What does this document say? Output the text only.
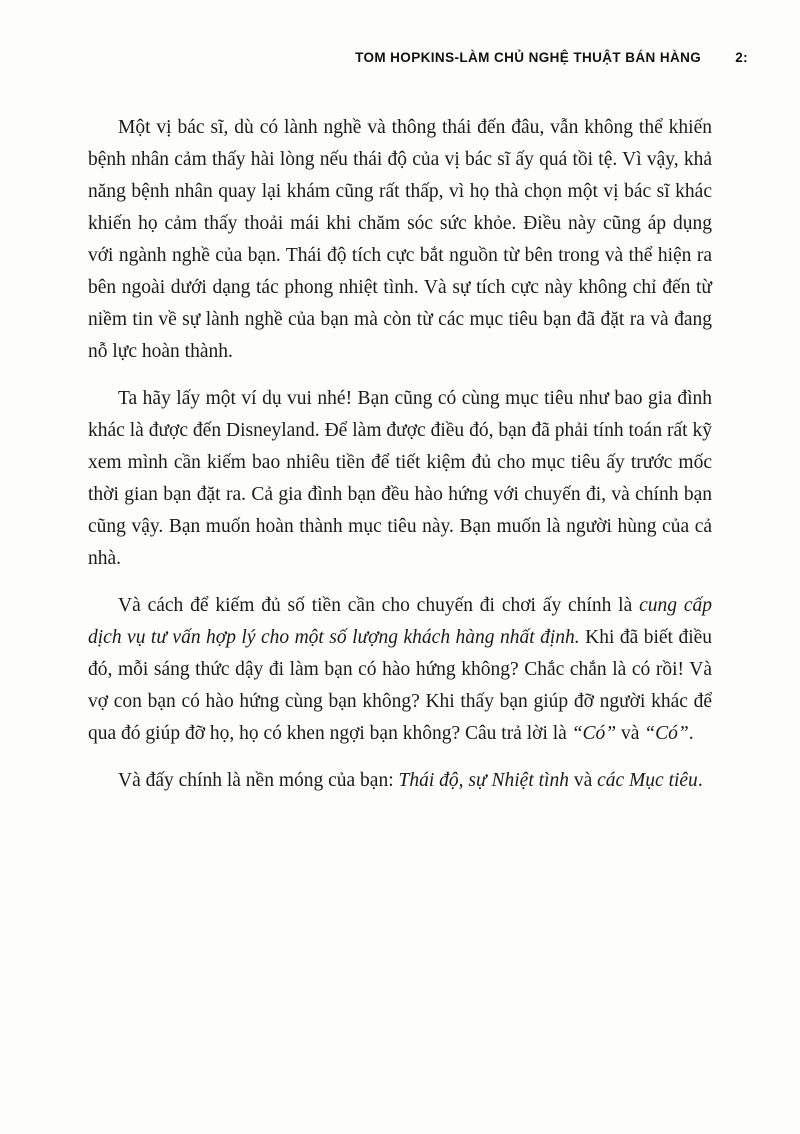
TOM HOPKINS - LÀM CHỦ NGHỆ THUẬT BÁN HÀNG	2:

Một vị bác sĩ, dù có lành nghề và thông thái đến đâu, vẫn không thể khiến bệnh nhân cảm thấy hài lòng nếu thái độ của vị bác sĩ ấy quá tồi tệ. Vì vậy, khả năng bệnh nhân quay lại khám cũng rất thấp, vì họ thà chọn một vị bác sĩ khác khiến họ cảm thấy thoải mái khi chăm sóc sức khỏe. Điều này cũng áp dụng với ngành nghề của bạn. Thái độ tích cực bắt nguồn từ bên trong và thể hiện ra bên ngoài dưới dạng tác phong nhiệt tình. Và sự tích cực này không chỉ đến từ niềm tin về sự lành nghề của bạn mà còn từ các mục tiêu bạn đã đặt ra và đang nỗ lực hoàn thành.

Ta hãy lấy một ví dụ vui nhé! Bạn cũng có cùng mục tiêu như bao gia đình khác là được đến Disneyland. Để làm được điều đó, bạn đã phải tính toán rất kỹ xem mình cần kiếm bao nhiêu tiền để tiết kiệm đủ cho mục tiêu ấy trước mốc thời gian bạn đặt ra. Cả gia đình bạn đều hào hứng với chuyến đi, và chính bạn cũng vậy. Bạn muốn hoàn thành mục tiêu này. Bạn muốn là người hùng của cả nhà.

Và cách để kiếm đủ số tiền cần cho chuyến đi chơi ấy chính là cung cấp dịch vụ tư vấn hợp lý cho một số lượng khách hàng nhất định. Khi đã biết điều đó, mỗi sáng thức dậy đi làm bạn có hào hứng không? Chắc chắn là có rồi! Và vợ con bạn có hào hứng cùng bạn không? Khi thấy bạn giúp đỡ người khác để qua đó giúp đỡ họ, họ có khen ngợi bạn không? Câu trả lời là “Có” và “Có”.

Và đấy chính là nền móng của bạn: Thái độ, sự Nhiệt tình và các Mục tiêu.
